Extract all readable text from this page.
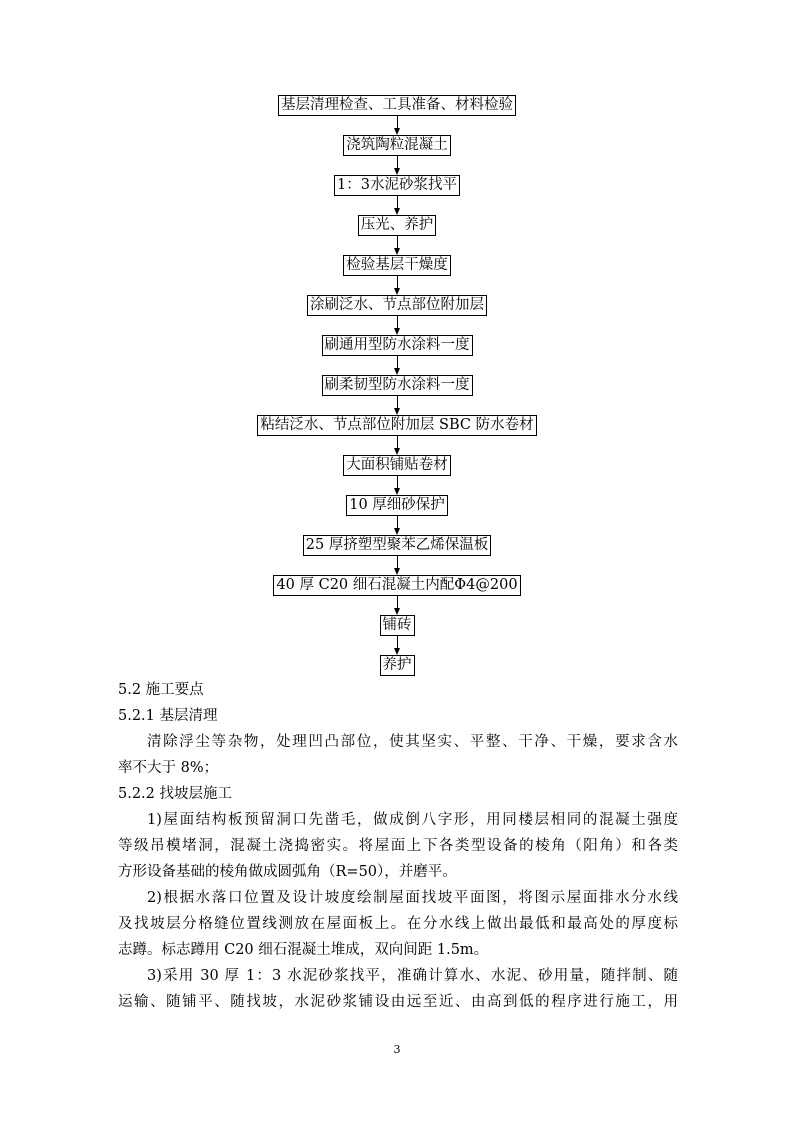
基层清理检查、工具准备、材料检验
浇筑陶粒混凝土
1：3水泥砂浆找平
压光、养护
检验基层干燥度
涂刷泛水、节点部位附加层
刷通用型防水涂料一度
刷柔韧型防水涂料一度
粘结泛水、节点部位附加层 SBC 防水卷材
大面积铺贴卷材
10 厚细砂保护
25 厚挤塑型聚苯乙烯保温板
40 厚 C20 细石混凝土内配Φ4@200
铺砖
养护
5.2 施工要点
5.2.1 基层清理
清除浮尘等杂物，处理凹凸部位，使其坚实、平整、干净、干燥，要求含水
率不大于 8%；
5.2.2 找坡层施工
1)屋面结构板预留洞口先凿毛，做成倒八字形，用同楼层相同的混凝土强度
等级吊模堵洞，混凝土浇捣密实。将屋面上下各类型设备的棱角（阳角）和各类
方形设备基础的棱角做成圆弧角（R=50），并磨平。
2)根据水落口位置及设计坡度绘制屋面找坡平面图，将图示屋面排水分水线
及找坡层分格缝位置线测放在屋面板上。在分水线上做出最低和最高处的厚度标
志蹲。标志蹲用 C20 细石混凝土堆成，双向间距 1.5m。
3)采用 30 厚 1：3 水泥砂浆找平，准确计算水、水泥、砂用量，随拌制、随
运输、随铺平、随找坡，水泥砂浆铺设由远至近、由高到低的程序进行施工，用
3
